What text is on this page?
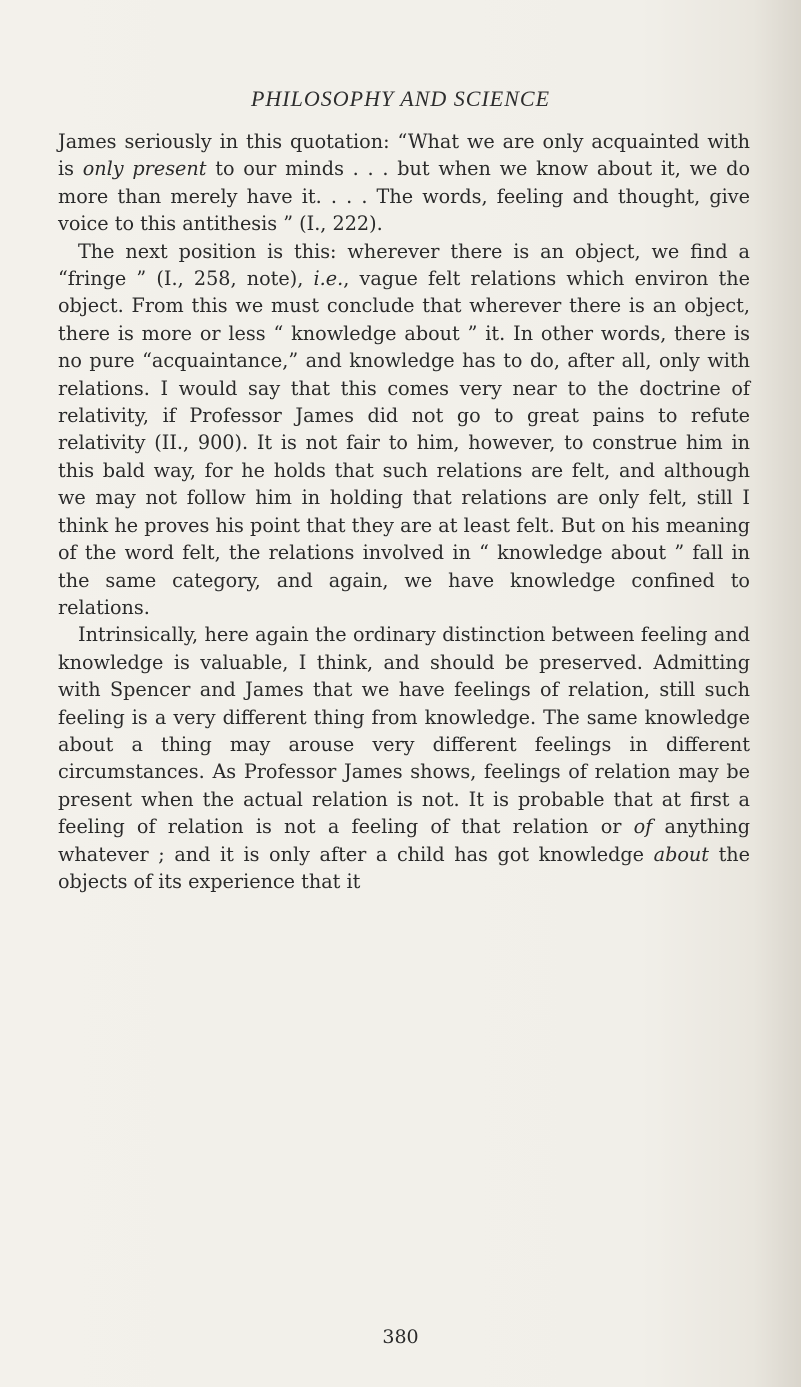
PHILOSOPHY AND SCIENCE

James seriously in this quotation: “What we are only acquainted with is only present to our minds . . . but when we know about it, we do more than merely have it. . . . The words, feeling and thought, give voice to this antithesis ” (I., 222).

The next position is this: wherever there is an object, we find a “fringe ” (I., 258, note), i.e., vague felt relations which environ the object. From this we must conclude that wherever there is an object, there is more or less “ knowledge about ” it. In other words, there is no pure “acquaintance,” and knowledge has to do, after all, only with relations. I would say that this comes very near to the doctrine of relativity, if Professor James did not go to great pains to refute relativity (II., 900). It is not fair to him, however, to construe him in this bald way, for he holds that such relations are felt, and although we may not follow him in holding that relations are only felt, still I think he proves his point that they are at least felt. But on his meaning of the word felt, the relations involved in “ knowledge about ” fall in the same category, and again, we have knowledge confined to relations.

Intrinsically, here again the ordinary distinction between feeling and knowledge is valuable, I think, and should be preserved. Admitting with Spencer and James that we have feelings of relation, still such feeling is a very different thing from knowledge. The same knowledge about a thing may arouse very different feelings in different circumstances. As Professor James shows, feelings of relation may be present when the actual relation is not. It is probable that at first a feeling of relation is not a feeling of that relation or of anything whatever ; and it is only after a child has got knowledge about the objects of its experience that it

380
